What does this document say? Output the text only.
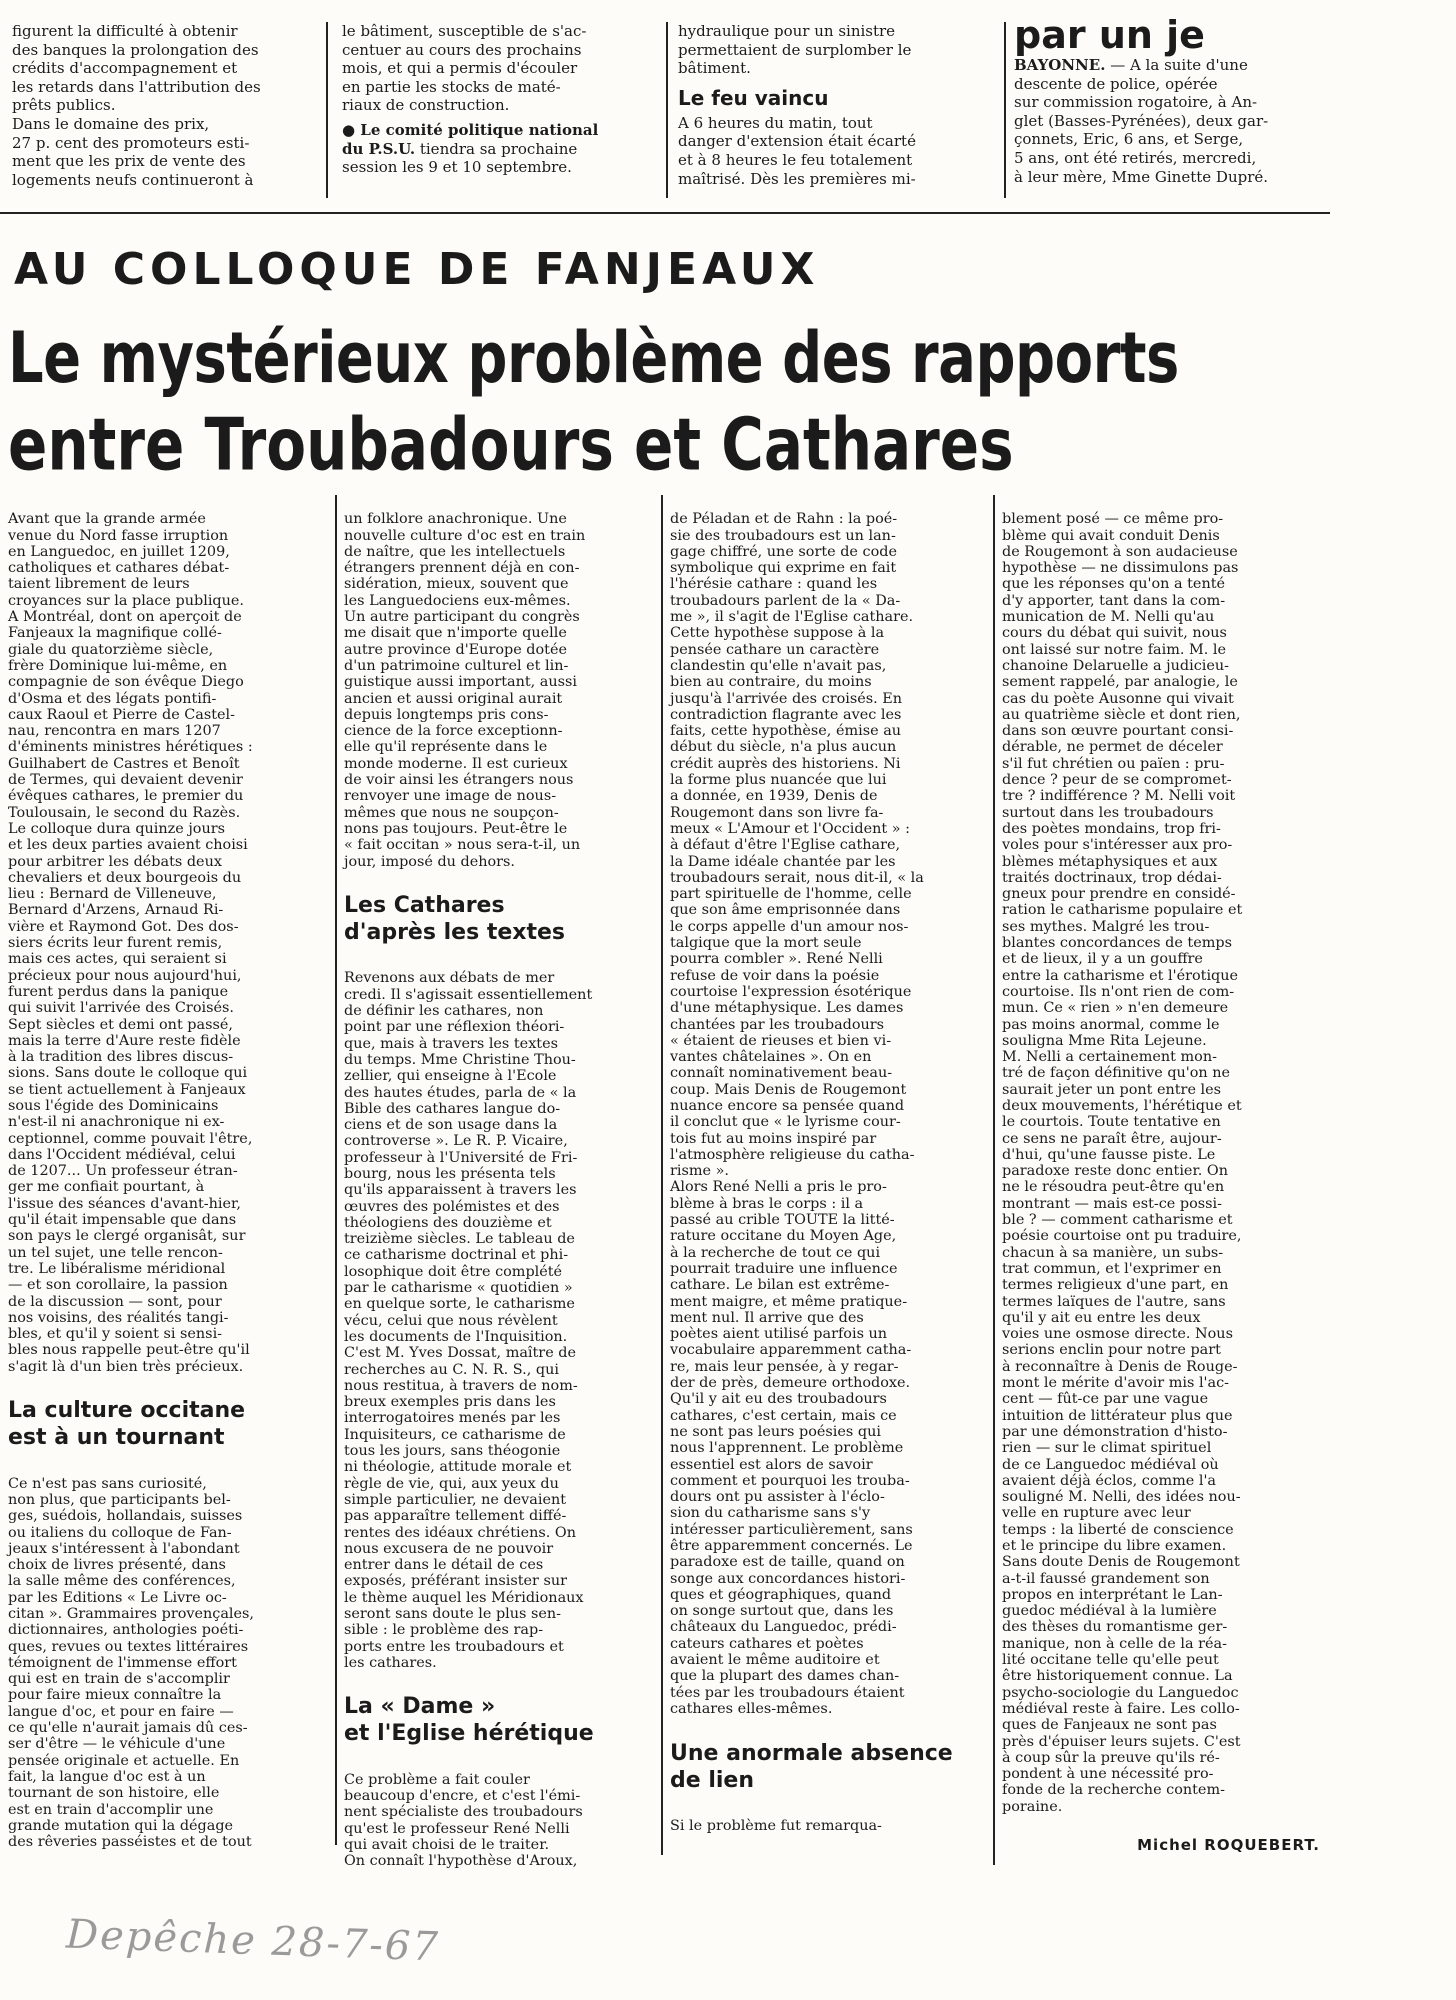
figurent la difficulté à obtenir
des banques la prolongation des
crédits d'accompagnement et
les retards dans l'attribution des
prêts publics.
Dans le domaine des prix,
27 p. cent des promoteurs esti-
ment que les prix de vente des
logements neufs continueront à
le bâtiment, susceptible de s'ac-
centuer au cours des prochains
mois, et qui a permis d'écouler
en partie les stocks de maté-
riaux de construction.
● Le comité politique national
du P.S.U. tiendra sa prochaine
session les 9 et 10 septembre.
hydraulique pour un sinistre
permettaient de surplomber le
bâtiment.
Le feu vaincu
A 6 heures du matin, tout
danger d'extension était écarté
et à 8 heures le feu totalement
maîtrisé. Dès les premières mi-
par un je
BAYONNE. — A la suite d'une
descente de police, opérée
sur commission rogatoire, à An-
glet (Basses-Pyrénées), deux gar-
çonnets, Eric, 6 ans, et Serge,
5 ans, ont été retirés, mercredi,
à leur mère, Mme Ginette Dupré.
AU COLLOQUE DE FANJEAUX
Le mystérieux problème des rapports
entre Troubadours et Cathares

Avant que la grande armée
venue du Nord fasse irruption
en Languedoc, en juillet 1209,
catholiques et cathares débat-
taient librement de leurs
croyances sur la place publique.
A Montréal, dont on aperçoit de
Fanjeaux la magnifique collé-
giale du quatorzième siècle,
frère Dominique lui-même, en
compagnie de son évêque Diego
d'Osma et des légats pontifi-
caux Raoul et Pierre de Castel-
nau, rencontra en mars 1207
d'éminents ministres hérétiques :
Guilhabert de Castres et Benoît
de Termes, qui devaient devenir
évêques cathares, le premier du
Toulousain, le second du Razès.
Le colloque dura quinze jours
et les deux parties avaient choisi
pour arbitrer les débats deux
chevaliers et deux bourgeois du
lieu : Bernard de Villeneuve,
Bernard d'Arzens, Arnaud Ri-
vière et Raymond Got. Des dos-
siers écrits leur furent remis,
mais ces actes, qui seraient si
précieux pour nous aujourd'hui,
furent perdus dans la panique
qui suivit l'arrivée des Croisés.
Sept siècles et demi ont passé,
mais la terre d'Aure reste fidèle
à la tradition des libres discus-
sions. Sans doute le colloque qui
se tient actuellement à Fanjeaux
sous l'égide des Dominicains
n'est-il ni anachronique ni ex-
ceptionnel, comme pouvait l'être,
dans l'Occident médiéval, celui
de 1207... Un professeur étran-
ger me confiait pourtant, à
l'issue des séances d'avant-hier,
qu'il était impensable que dans
son pays le clergé organisât, sur
un tel sujet, une telle rencon-
tre. Le libéralisme méridional
— et son corollaire, la passion
de la discussion — sont, pour
nos voisins, des réalités tangi-
bles, et qu'il y soient si sensi-
bles nous rappelle peut-être qu'il
s'agit là d'un bien très précieux.

La culture occitane
est à un tournant

Ce n'est pas sans curiosité,
non plus, que participants bel-
ges, suédois, hollandais, suisses
ou italiens du colloque de Fan-
jeaux s'intéressent à l'abondant
choix de livres présenté, dans
la salle même des conférences,
par les Editions « Le Livre oc-
citan ». Grammaires provençales,
dictionnaires, anthologies poéti-
ques, revues ou textes littéraires
témoignent de l'immense effort
qui est en train de s'accomplir
pour faire mieux connaître la
langue d'oc, et pour en faire —
ce qu'elle n'aurait jamais dû ces-
ser d'être — le véhicule d'une
pensée originale et actuelle. En
fait, la langue d'oc est à un
tournant de son histoire, elle
est en train d'accomplir une
grande mutation qui la dégage
des rêveries passéistes et de tout

un folklore anachronique. Une
nouvelle culture d'oc est en train
de naître, que les intellectuels
étrangers prennent déjà en con-
sidération, mieux, souvent que
les Languedociens eux-mêmes.
Un autre participant du congrès
me disait que n'importe quelle
autre province d'Europe dotée
d'un patrimoine culturel et lin-
guistique aussi important, aussi
ancien et aussi original aurait
depuis longtemps pris cons-
cience de la force exceptionn-
elle qu'il représente dans le
monde moderne. Il est curieux
de voir ainsi les étrangers nous
renvoyer une image de nous-
mêmes que nous ne soupçon-
nons pas toujours. Peut-être le
« fait occitan » nous sera-t-il, un
jour, imposé du dehors.

Les Cathares
d'après les textes

Revenons aux débats de mer
credi. Il s'agissait essentiellement
de définir les cathares, non
point par une réflexion théori-
que, mais à travers les textes
du temps. Mme Christine Thou-
zellier, qui enseigne à l'Ecole
des hautes études, parla de « la
Bible des cathares langue do-
ciens et de son usage dans la
controverse ». Le R. P. Vicaire,
professeur à l'Université de Fri-
bourg, nous les présenta tels
qu'ils apparaissent à travers les
œuvres des polémistes et des
théologiens des douzième et
treizième siècles. Le tableau de
ce catharisme doctrinal et phi-
losophique doit être complété
par le catharisme « quotidien »
en quelque sorte, le catharisme
vécu, celui que nous révèlent
les documents de l'Inquisition.
C'est M. Yves Dossat, maître de
recherches au C. N. R. S., qui
nous restitua, à travers de nom-
breux exemples pris dans les
interrogatoires menés par les
Inquisiteurs, ce catharisme de
tous les jours, sans théogonie
ni théologie, attitude morale et
règle de vie, qui, aux yeux du
simple particulier, ne devaient
pas apparaître tellement diffé-
rentes des idéaux chrétiens. On
nous excusera de ne pouvoir
entrer dans le détail de ces
exposés, préférant insister sur
le thème auquel les Méridionaux
seront sans doute le plus sen-
sible : le problème des rap-
ports entre les troubadours et
les cathares.

La « Dame »
et l'Eglise hérétique

Ce problème a fait couler
beaucoup d'encre, et c'est l'émi-
nent spécialiste des troubadours
qu'est le professeur René Nelli
qui avait choisi de le traiter.
On connaît l'hypothèse d'Aroux,

de Péladan et de Rahn : la poé-
sie des troubadours est un lan-
gage chiffré, une sorte de code
symbolique qui exprime en fait
l'hérésie cathare : quand les
troubadours parlent de la « Da-
me », il s'agit de l'Eglise cathare.
Cette hypothèse suppose à la
pensée cathare un caractère
clandestin qu'elle n'avait pas,
bien au contraire, du moins
jusqu'à l'arrivée des croisés. En
contradiction flagrante avec les
faits, cette hypothèse, émise au
début du siècle, n'a plus aucun
crédit auprès des historiens. Ni
la forme plus nuancée que lui
a donnée, en 1939, Denis de
Rougemont dans son livre fa-
meux « L'Amour et l'Occident » :
à défaut d'être l'Eglise cathare,
la Dame idéale chantée par les
troubadours serait, nous dit-il, « la
part spirituelle de l'homme, celle
que son âme emprisonnée dans
le corps appelle d'un amour nos-
talgique que la mort seule
pourra combler ». René Nelli
refuse de voir dans la poésie
courtoise l'expression ésotérique
d'une métaphysique. Les dames
chantées par les troubadours
« étaient de rieuses et bien vi-
vantes châtelaines ». On en
connaît nominativement beau-
coup. Mais Denis de Rougemont
nuance encore sa pensée quand
il conclut que « le lyrisme cour-
tois fut au moins inspiré par
l'atmosphère religieuse du catha-
risme ».
Alors René Nelli a pris le pro-
blème à bras le corps : il a
passé au crible TOUTE la litté-
rature occitane du Moyen Age,
à la recherche de tout ce qui
pourrait traduire une influence
cathare. Le bilan est extrême-
ment maigre, et même pratique-
ment nul. Il arrive que des
poètes aient utilisé parfois un
vocabulaire apparemment catha-
re, mais leur pensée, à y regar-
der de près, demeure orthodoxe.
Qu'il y ait eu des troubadours
cathares, c'est certain, mais ce
ne sont pas leurs poésies qui
nous l'apprennent. Le problème
essentiel est alors de savoir
comment et pourquoi les trouba-
dours ont pu assister à l'éclo-
sion du catharisme sans s'y
intéresser particulièrement, sans
être apparemment concernés. Le
paradoxe est de taille, quand on
songe aux concordances histori-
ques et géographiques, quand
on songe surtout que, dans les
châteaux du Languedoc, prédi-
cateurs cathares et poètes
avaient le même auditoire et
que la plupart des dames chan-
tées par les troubadours étaient
cathares elles-mêmes.

Une anormale absence
de lien

Si le problème fut remarqua-

blement posé — ce même pro-
blème qui avait conduit Denis
de Rougemont à son audacieuse
hypothèse — ne dissimulons pas
que les réponses qu'on a tenté
d'y apporter, tant dans la com-
munication de M. Nelli qu'au
cours du débat qui suivit, nous
ont laissé sur notre faim. M. le
chanoine Delaruelle a judicieu-
sement rappelé, par analogie, le
cas du poète Ausonne qui vivait
au quatrième siècle et dont rien,
dans son œuvre pourtant consi-
dérable, ne permet de déceler
s'il fut chrétien ou païen : pru-
dence ? peur de se compromet-
tre ? indifférence ? M. Nelli voit
surtout dans les troubadours
des poètes mondains, trop fri-
voles pour s'intéresser aux pro-
blèmes métaphysiques et aux
traités doctrinaux, trop dédai-
gneux pour prendre en considé-
ration le catharisme populaire et
ses mythes. Malgré les trou-
blantes concordances de temps
et de lieux, il y a un gouffre
entre la catharisme et l'érotique
courtoise. Ils n'ont rien de com-
mun. Ce « rien » n'en demeure
pas moins anormal, comme le
souligna Mme Rita Lejeune.
M. Nelli a certainement mon-
tré de façon définitive qu'on ne
saurait jeter un pont entre les
deux mouvements, l'hérétique et
le courtois. Toute tentative en
ce sens ne paraît être, aujour-
d'hui, qu'une fausse piste. Le
paradoxe reste donc entier. On
ne le résoudra peut-être qu'en
montrant — mais est-ce possi-
ble ? — comment catharisme et
poésie courtoise ont pu traduire,
chacun à sa manière, un subs-
trat commun, et l'exprimer en
termes religieux d'une part, en
termes laïques de l'autre, sans
qu'il y ait eu entre les deux
voies une osmose directe. Nous
serions enclin pour notre part
à reconnaître à Denis de Rouge-
mont le mérite d'avoir mis l'ac-
cent — fût-ce par une vague
intuition de littérateur plus que
par une démonstration d'histo-
rien — sur le climat spirituel
de ce Languedoc médiéval où
avaient déjà éclos, comme l'a
souligné M. Nelli, des idées nou-
velle en rupture avec leur
temps : la liberté de conscience
et le principe du libre examen.
Sans doute Denis de Rougemont
a-t-il faussé grandement son
propos en interprétant le Lan-
guedoc médiéval à la lumière
des thèses du romantisme ger-
manique, non à celle de la réa-
lité occitane telle qu'elle peut
être historiquement connue. La
psycho-sociologie du Languedoc
médiéval reste à faire. Les collo-
ques de Fanjeaux ne sont pas
près d'épuiser leurs sujets. C'est
à coup sûr la preuve qu'ils ré-
pondent à une nécessité pro-
fonde de la recherche contem-
poraine.

Michel ROQUEBERT.

Depêche 28-7-67
